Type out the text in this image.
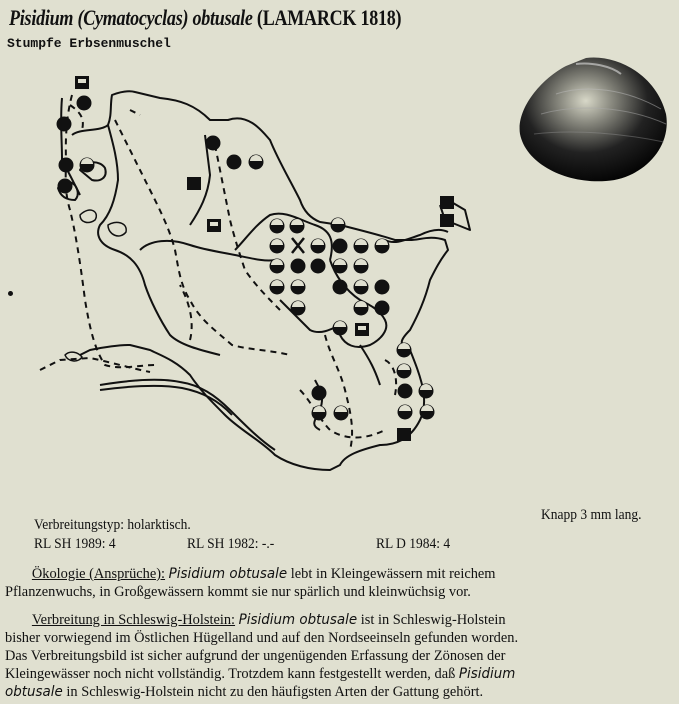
Pisidium (Cymatocyclas) obtusale (LAMARCK 1818)
Stumpfe Erbsenmuschel
Knapp 3 mm lang.
Verbreitungstyp: holarktisch.
RL SH 1989: 4	RL SH 1982: -.-	RL D 1984: 4
Ökologie (Ansprüche): Pisidium obtusale lebt in Kleingewässern mit reichem
Pflanzenwuchs, in Großgewässern kommt sie nur spärlich und kleinwüchsig vor.
Verbreitung in Schleswig-Holstein: Pisidium obtusale ist in Schleswig-Holstein
bisher vorwiegend im Östlichen Hügelland und auf den Nordseeinseln gefunden worden.
Das Verbreitungsbild ist sicher aufgrund der ungenügenden Erfassung der Zönosen der
Kleingewässer noch nicht vollständig. Trotzdem kann festgestellt werden, daß Pisidium
obtusale in Schleswig-Holstein nicht zu den häufigsten Arten der Gattung gehört.
